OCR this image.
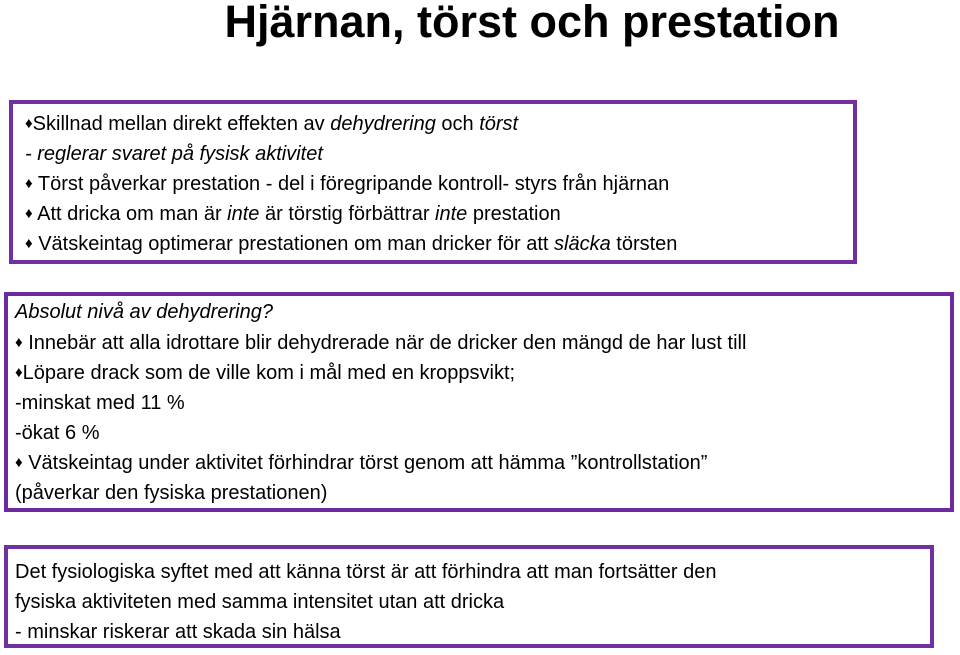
Hjärnan, törst och prestation
♦Skillnad mellan direkt effekten av dehydrering och törst
- reglerar svaret på fysisk aktivitet
♦ Törst påverkar prestation - del i föregripande kontroll- styrs från hjärnan
♦ Att dricka om man är inte är törstig förbättrar inte prestation
♦ Vätskeintag optimerar prestationen om man dricker för att släcka törsten
Absolut nivå av dehydrering?
♦ Innebär att alla idrottare blir dehydrerade när de dricker den mängd de har lust till
♦Löpare drack som de ville kom i mål med en kroppsvikt;
-minskat med 11 %
-ökat 6 %
♦ Vätskeintag under aktivitet förhindrar törst genom att hämma ”kontrollstation”
(påverkar den fysiska prestationen)
Det fysiologiska syftet med att känna törst är att förhindra att man fortsätter den
fysiska aktiviteten med samma intensitet utan att dricka
- minskar riskerar att skada sin hälsa
